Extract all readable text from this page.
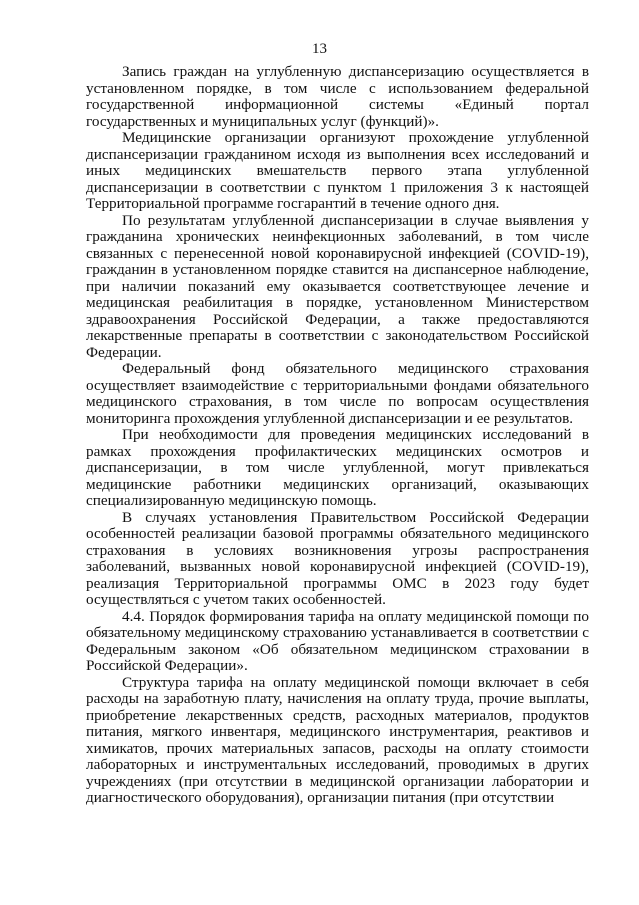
13

Запись граждан на углубленную диспансеризацию осуществляется в установленном порядке, в том числе с использованием федеральной государственной информационной системы «Единый портал государственных и муниципальных услуг (функций)».

Медицинские организации организуют прохождение углубленной диспансеризации гражданином исходя из выполнения всех исследований и иных медицинских вмешательств первого этапа углубленной диспансеризации в соответствии с пунктом 1 приложения 3 к настоящей Территориальной программе госгарантий в течение одного дня.

По результатам углубленной диспансеризации в случае выявления у гражданина хронических неинфекционных заболеваний, в том числе связанных с перенесенной новой коронавирусной инфекцией (COVID-19), гражданин в установленном порядке ставится на диспансерное наблюдение, при наличии показаний ему оказывается соответствующее лечение и медицинская реабилитация в порядке, установленном Министерством здравоохранения Российской Федерации, а также предоставляются лекарственные препараты в соответствии с законодательством Российской Федерации.

Федеральный фонд обязательного медицинского страхования осуществляет взаимодействие с территориальными фондами обязательного медицинского страхования, в том числе по вопросам осуществления мониторинга прохождения углубленной диспансеризации и ее результатов.

При необходимости для проведения медицинских исследований в рамках прохождения профилактических медицинских осмотров и диспансеризации, в том числе углубленной, могут привлекаться медицинские работники медицинских организаций, оказывающих специализированную медицинскую помощь.

В случаях установления Правительством Российской Федерации особенностей реализации базовой программы обязательного медицинского страхования в условиях возникновения угрозы распространения заболеваний, вызванных новой коронавирусной инфекцией (COVID-19), реализация Территориальной программы ОМС в 2023 году будет осуществляться с учетом таких особенностей.

4.4. Порядок формирования тарифа на оплату медицинской помощи по обязательному медицинскому страхованию устанавливается в соответствии с Федеральным законом «Об обязательном медицинском страховании в Российской Федерации».

Структура тарифа на оплату медицинской помощи включает в себя расходы на заработную плату, начисления на оплату труда, прочие выплаты, приобретение лекарственных средств, расходных материалов, продуктов питания, мягкого инвентаря, медицинского инструментария, реактивов и химикатов, прочих материальных запасов, расходы на оплату стоимости лабораторных и инструментальных исследований, проводимых в других учреждениях (при отсутствии в медицинской организации лаборатории и диагностического оборудования), организации питания (при отсутствии
